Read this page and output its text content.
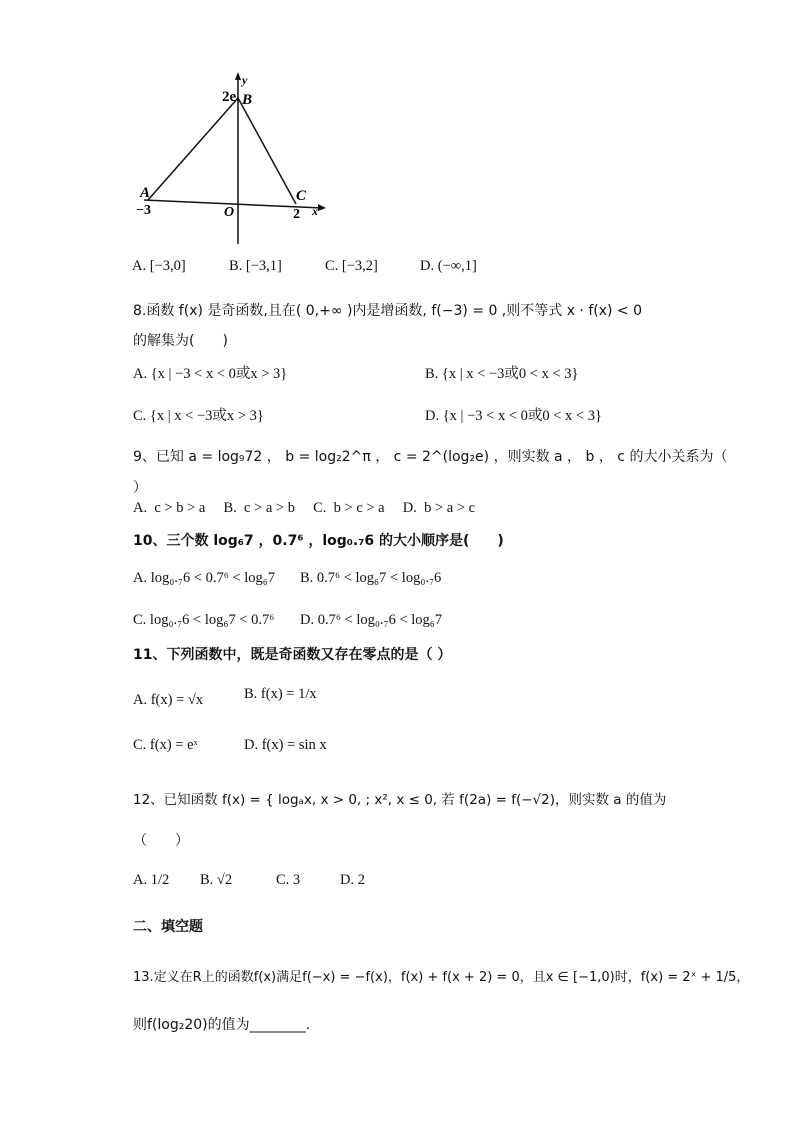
2e B
y
A
−3	O
C
2 x
A. [−3,0]	B. [−3,1]	C. [−3,2]	D. (−∞,1]
8.函数 f(x) 是奇函数,且在( 0,+∞ )内是增函数, f(−3) = 0 ,则不等式 x · f(x) < 0
的解集为(　　)
A. {x | −3 < x < 0或x > 3}	B. {x | x < −3或0 < x < 3}
C. {x | x < −3或x > 3}	D. {x | −3 < x < 0或0 < x < 3}
9、已知 a = log₉72 ， b = log₂2^π ， c = 2^(log₂e) ，则实数 a ， b ， c 的大小关系为（
）
A.  c > b > a     B.  c > a > b     C.  b > c > a     D.  b > a > c
10、三个数 log₆7 ，0.7⁶ ，log₀.₇6 的大小顺序是(　　)
A. log₀.₇6 < 0.7⁶ < log₆7 B. 0.7⁶ < log₆7 < log₀.₇6
C. log₀.₇6 < log₆7 < 0.7⁶ D. 0.7⁶ < log₀.₇6 < log₆7
11、下列函数中，既是奇函数又存在零点的是（ ）
A. f(x) = √x	B. f(x) = 1/x
C. f(x) = eˣ	D. f(x) = sin x
12、已知函数 f(x) = { logₐx, x > 0, ; x², x ≤ 0, 若 f(2a) = f(−√2)，则实数 a 的值为
（　　）
A. 1/2 B. √2	C. 3	D. 2
二、填空题
13.定义在R上的函数f(x)满足f(−x) = −f(x)，f(x) + f(x + 2) = 0，且x ∈ [−1,0)时，f(x) = 2ˣ + 1/5，
则f(log₂20)的值为________.
